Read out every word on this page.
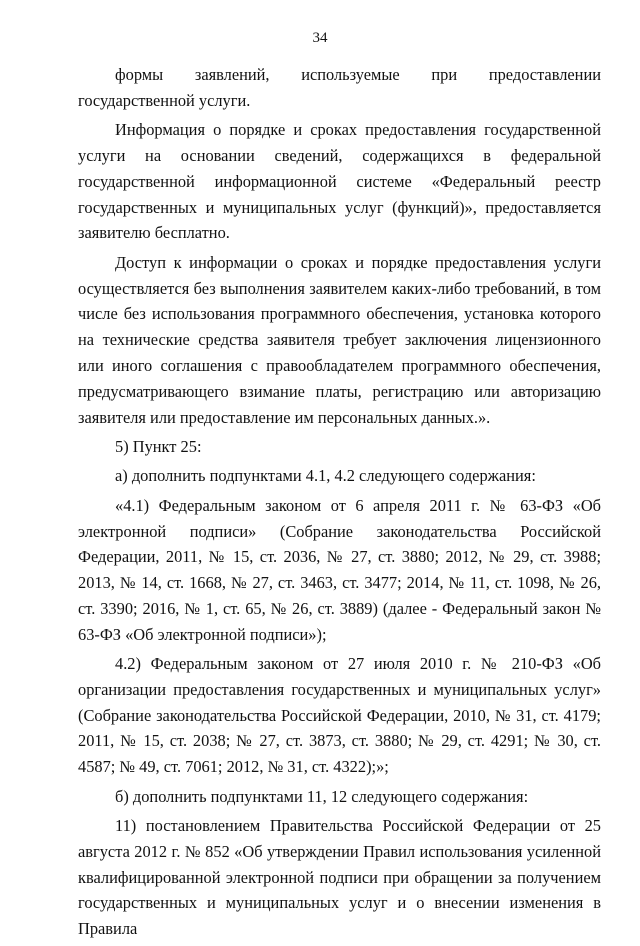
34

формы заявлений, используемые при предоставлении государственной услуги.

Информация о порядке и сроках предоставления государственной услуги на основании сведений, содержащихся в федеральной государственной информационной системе «Федеральный реестр государственных и муниципальных услуг (функций)», предоставляется заявителю бесплатно.

Доступ к информации о сроках и порядке предоставления услуги осуществляется без выполнения заявителем каких-либо требований, в том числе без использования программного обеспечения, установка которого на технические средства заявителя требует заключения лицензионного или иного соглашения с правообладателем программного обеспечения, предусматривающего взимание платы, регистрацию или авторизацию заявителя или предоставление им персональных данных.».

5) Пункт 25:

а) дополнить подпунктами 4.1, 4.2 следующего содержания:

«4.1) Федеральным законом от 6 апреля 2011 г. № 63-ФЗ «Об электронной подписи» (Собрание законодательства Российской Федерации, 2011, № 15, ст. 2036, № 27, ст. 3880; 2012, № 29, ст. 3988; 2013, № 14, ст. 1668, № 27, ст. 3463, ст. 3477; 2014, № 11, ст. 1098, № 26, ст. 3390; 2016, № 1, ст. 65, № 26, ст. 3889) (далее - Федеральный закон № 63-ФЗ «Об электронной подписи»);

4.2) Федеральным законом от 27 июля 2010 г. № 210-ФЗ «Об организации предоставления государственных и муниципальных услуг» (Собрание законодательства Российской Федерации, 2010, № 31, ст. 4179; 2011, № 15, ст. 2038; № 27, ст. 3873, ст. 3880; № 29, ст. 4291; № 30, ст. 4587; № 49, ст. 7061; 2012, № 31, ст. 4322);»;

б) дополнить подпунктами 11, 12 следующего содержания:

11) постановлением Правительства Российской Федерации от 25 августа 2012 г. № 852 «Об утверждении Правил использования усиленной квалифицированной электронной подписи при обращении за получением государственных и муниципальных услуг и о внесении изменения в Правила
